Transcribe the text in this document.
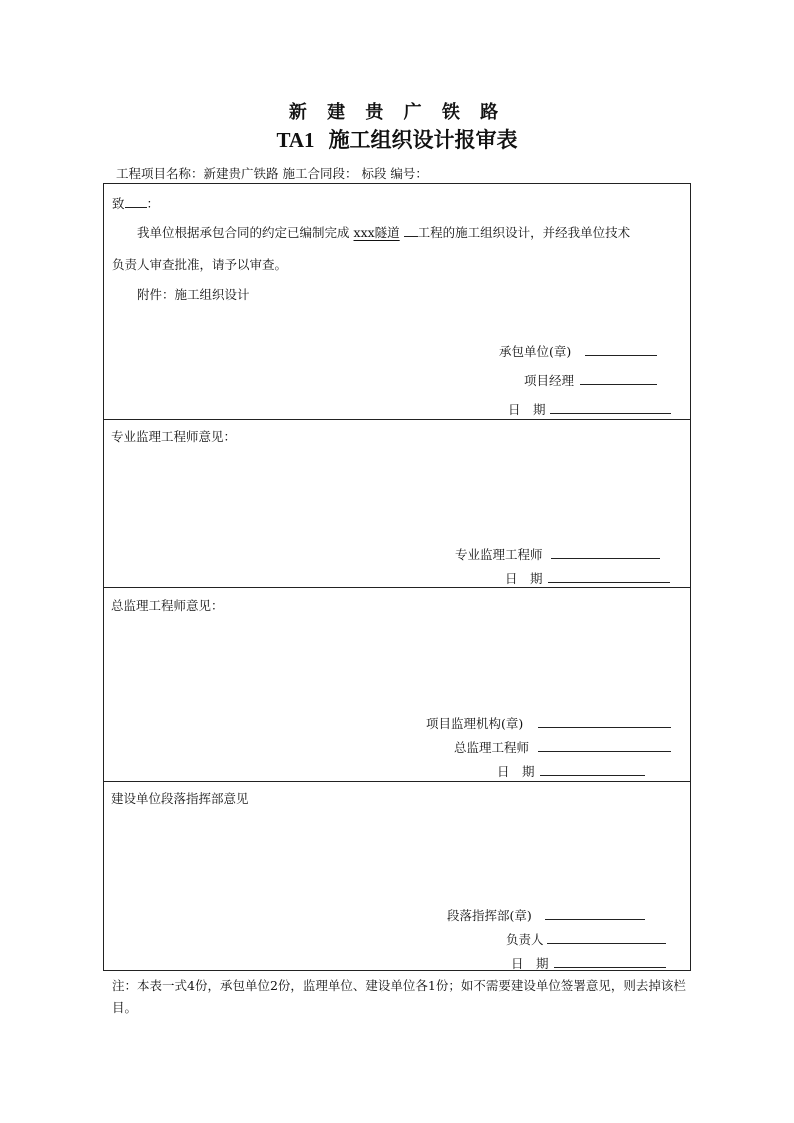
新 建 贵 广 铁 路
TA1 施工组织设计报审表
工程项目名称：新建贵广铁路 施工合同段： 标段 编号：
致 ：
我单位根据承包合同的约定已编制完成 xxx隧道 工程的施工组织设计，并经我单位技术
负责人审查批准，请予以审查。
附件：施工组织设计
承包单位(章)
项目经理
日　期
专业监理工程师意见：
专业监理工程师
日　期
总监理工程师意见：
项目监理机构(章)
总监理工程师
日　期
建设单位段落指挥部意见
段落指挥部(章)
负责人
日　期
注：本表一式4份，承包单位2份，监理单位、建设单位各1份；如不需要建设单位签署意见，则去掉该栏目。
